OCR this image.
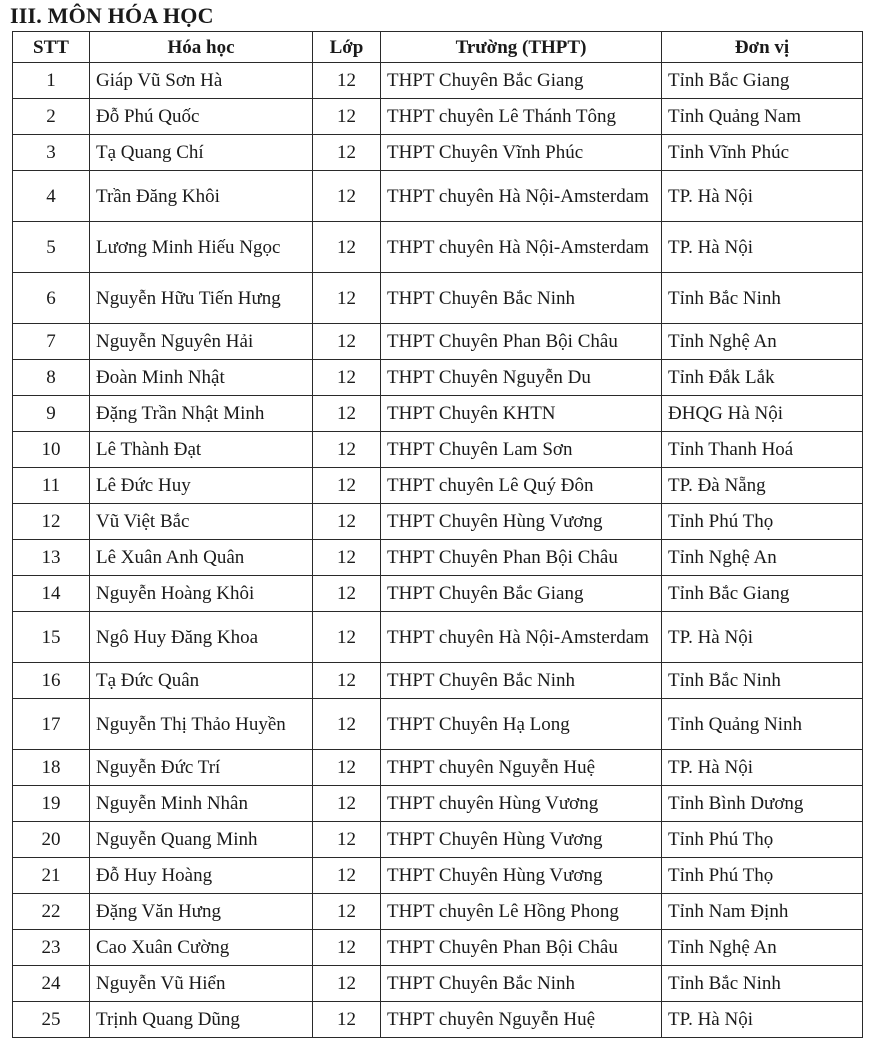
III. MÔN HÓA HỌC
STT	Hóa học	Lớp	Trường (THPT)	Đơn vị
1	Giáp Vũ Sơn Hà	12	THPT Chuyên Bắc Giang	Tỉnh Bắc Giang
2	Đỗ Phú Quốc	12	THPT chuyên Lê Thánh Tông	Tỉnh Quảng Nam
3	Tạ Quang Chí	12	THPT Chuyên Vĩnh Phúc	Tỉnh Vĩnh Phúc
4	Trần Đăng Khôi	12	THPT chuyên Hà Nội-Amsterdam	TP. Hà Nội
5	Lương Minh Hiếu Ngọc	12	THPT chuyên Hà Nội-Amsterdam	TP. Hà Nội
6	Nguyễn Hữu Tiến Hưng	12	THPT Chuyên Bắc Ninh	Tỉnh Bắc Ninh
7	Nguyễn Nguyên Hải	12	THPT Chuyên Phan Bội Châu	Tỉnh Nghệ An
8	Đoàn Minh Nhật	12	THPT Chuyên Nguyễn Du	Tỉnh Đắk Lắk
9	Đặng Trần Nhật Minh	12	THPT Chuyên KHTN	ĐHQG Hà Nội
10	Lê Thành Đạt	12	THPT Chuyên Lam Sơn	Tỉnh Thanh Hoá
11	Lê Đức Huy	12	THPT chuyên Lê Quý Đôn	TP. Đà Nẵng
12	Vũ Việt Bắc	12	THPT Chuyên Hùng Vương	Tỉnh Phú Thọ
13	Lê Xuân Anh Quân	12	THPT Chuyên Phan Bội Châu	Tỉnh Nghệ An
14	Nguyễn Hoàng Khôi	12	THPT Chuyên Bắc Giang	Tỉnh Bắc Giang
15	Ngô Huy Đăng Khoa	12	THPT chuyên Hà Nội-Amsterdam	TP. Hà Nội
16	Tạ Đức Quân	12	THPT Chuyên Bắc Ninh	Tỉnh Bắc Ninh
17	Nguyễn Thị Thảo Huyền	12	THPT Chuyên Hạ Long	Tỉnh Quảng Ninh
18	Nguyễn Đức Trí	12	THPT chuyên Nguyễn Huệ	TP. Hà Nội
19	Nguyễn Minh Nhân	12	THPT chuyên Hùng Vương	Tỉnh Bình Dương
20	Nguyễn Quang Minh	12	THPT Chuyên Hùng Vương	Tỉnh Phú Thọ
21	Đỗ Huy Hoàng	12	THPT Chuyên Hùng Vương	Tỉnh Phú Thọ
22	Đặng Văn Hưng	12	THPT chuyên Lê Hồng Phong	Tỉnh Nam Định
23	Cao Xuân Cường	12	THPT Chuyên Phan Bội Châu	Tỉnh Nghệ An
24	Nguyễn Vũ Hiển	12	THPT Chuyên Bắc Ninh	Tỉnh Bắc Ninh
25	Trịnh Quang Dũng	12	THPT chuyên Nguyễn Huệ	TP. Hà Nội
